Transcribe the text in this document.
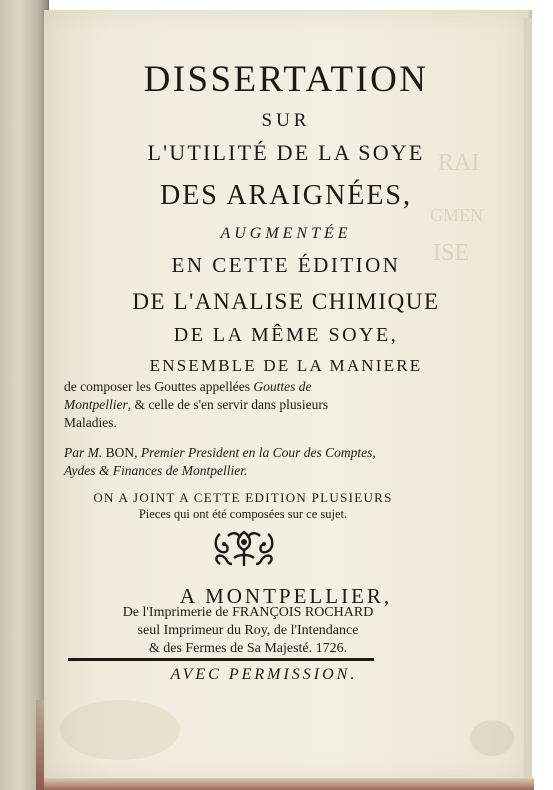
RAI
GMEN
ISE
DISSERTATION
SUR
L'UTILITÉ DE LA SOYE
DES ARAIGNÉES,
AUGMENTÉE
EN CETTE ÉDITION
DE L'ANALISE CHIMIQUE
DE LA MÊME SOYE,
ENSEMBLE DE LA MANIERE
de composer les Gouttes appellées Gouttes de
Montpellier, & celle de s'en servir dans plusieurs
Maladies.
Par M. BON, Premier President en la Cour des Comptes,
Aydes & Finances de Montpellier.
ON A JOINT A CETTE EDITION PLUSIEURS
Pieces qui ont été composées sur ce sujet.
A MONTPELLIER,
De l'Imprimerie de FRANÇOIS ROCHARD
seul Imprimeur du Roy, de l'Intendance
& des Fermes de Sa Majesté. 1726.
AVEC PERMISSION.
